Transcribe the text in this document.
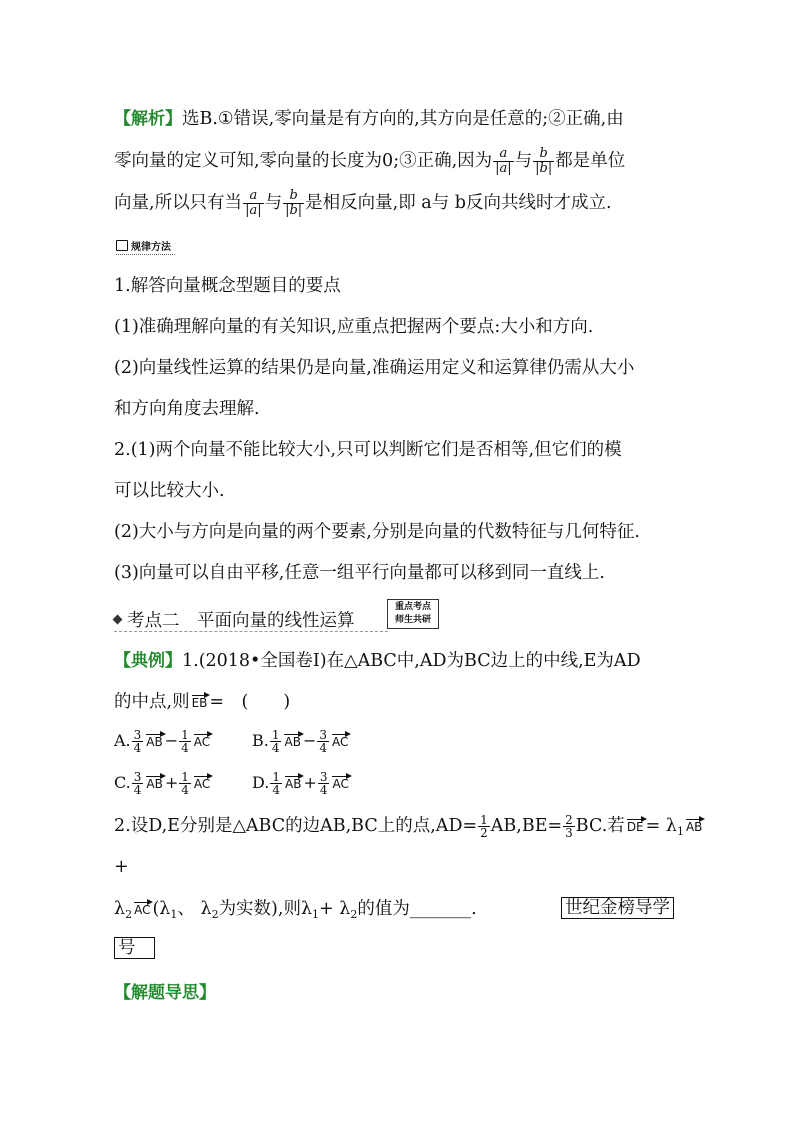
【解析】选B.①错误,零向量是有方向的,其方向是任意的;②正确,由
零向量的定义可知,零向量的长度为0;③正确,因为 $\frac{a}{|a|}$ 与 $\frac{b}{|b|}$ 都是单位
向量,所以只有当 $\frac{a}{|a|}$ 与 $\frac{b}{|b|}$ 是相反向量,即 a与 b反向共线时才成立.
规律方法
1.解答向量概念型题目的要点
(1)准确理解向量的有关知识,应重点把握两个要点:大小和方向.
(2)向量线性运算的结果仍是向量,准确运用定义和运算律仍需从大小
和方向角度去理解.
2.(1)两个向量不能比较大小,只可以判断它们是否相等,但它们的模
可以比较大小.
(2)大小与方向是向量的两个要素,分别是向量的代数特征与几何特征.
(3)向量可以自由平移,任意一组平行向量都可以移到同一直线上.
考点二　平面向量的线性运算
重点考点
师生共研
【典例】1.(2018•全国卷I)在△ABC中,AD为BC边上的中线,E为AD
的中点,则 EB =　(　　)
A. $\frac{3}{4}$ AB − $\frac{1}{4}$ AC	B. $\frac{1}{4}$ AB − $\frac{3}{4}$ AC
C. $\frac{3}{4}$ AB + $\frac{1}{4}$ AC	D. $\frac{1}{4}$ AB + $\frac{3}{4}$ AC
2.设D,E分别是△ABC的边AB,BC上的点$,AD= \frac{1}{2} AB,BE= \frac{2}{3}$ BC.若 DE = $\lambda_1$ AB
+
$\lambda_2$ AC ($\lambda_1$、 $\lambda_2$为实数),则$\lambda_1+ \lambda_2$的值为_______.	世纪金榜导学
号
【解题导思】
